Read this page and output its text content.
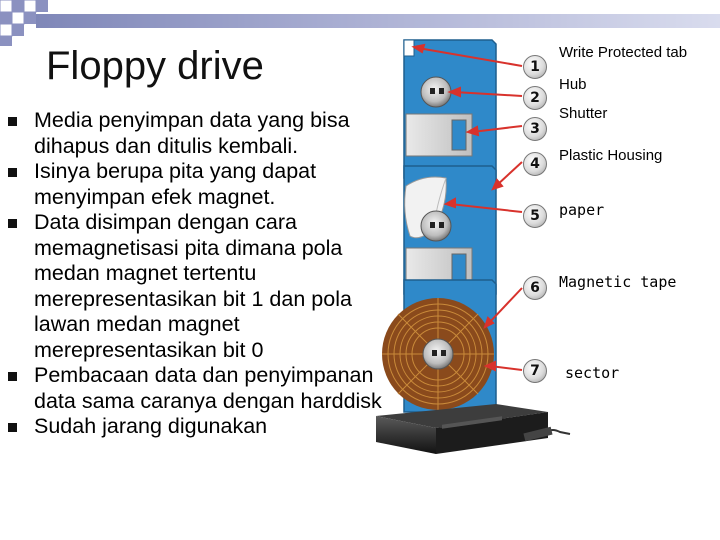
Floppy drive
Media penyimpan data yang bisa dihapus dan ditulis kembali.
Isinya berupa pita yang dapat menyimpan efek magnet.
Data disimpan dengan cara memagnetisasi pita dimana pola medan magnet tertentu merepresentasikan bit 1 dan pola lawan medan magnet merepresentasikan bit 0
Pembacaan data dan penyimpanan data sama caranya dengan harddisk
Sudah jarang digunakan
1
2
3
4
5
6
7
Write Protected tab
Hub
Shutter
Plastic Housing
paper
Magnetic tape
sector
